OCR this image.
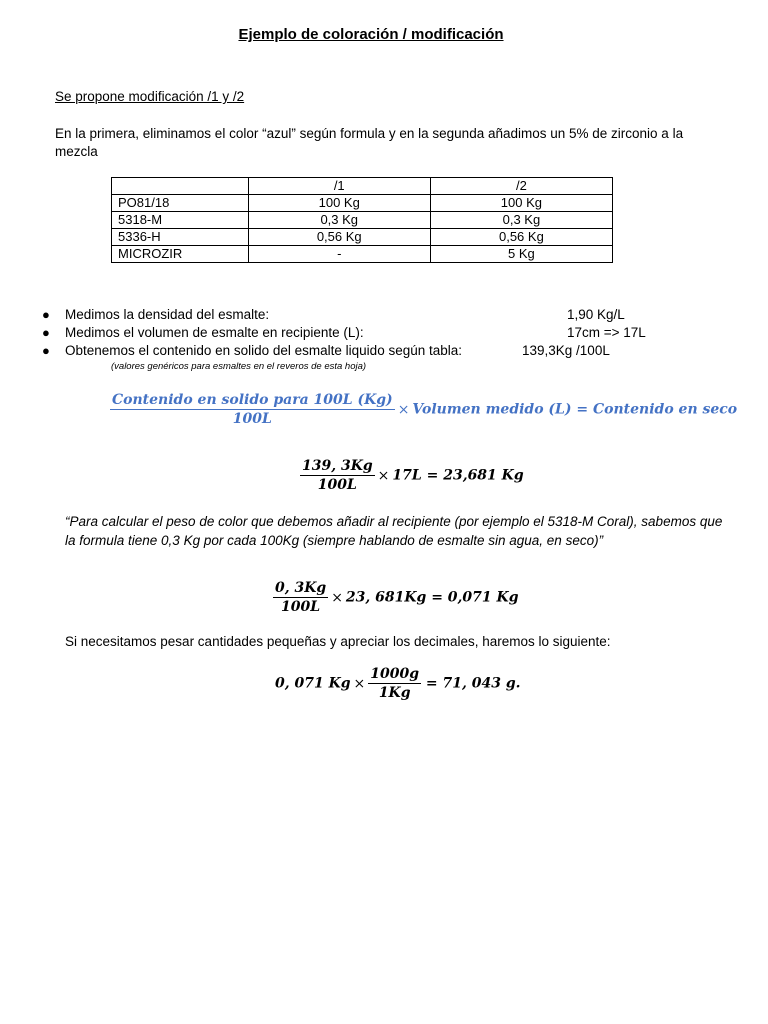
Ejemplo de coloración / modificación
Se propone modificación /1 y /2
En la primera, eliminamos el color “azul” según formula y en la segunda añadimos un 5% de zirconio a la mezcla
	/1	/2
PO81/18	100 Kg	100 Kg
5318-M	0,3 Kg	0,3 Kg
5336-H	0,56 Kg	0,56 Kg
MICROZIR	-	5 Kg
● Medimos la densidad del esmalte:	1,90 Kg/L
● Medimos el volumen de esmalte en recipiente (L):	17cm => 17L
● Obtenemos el contenido en solido del esmalte liquido según tabla:	139,3Kg /100L
(valores genéricos para esmaltes en el reveros de esta hoja)
$\frac{\text{Contenido en solido para 100L (Kg)}}{100L}$ × Volumen medido (L) = Contenido en seco
$\frac{139, 3Kg}{100L} \times 17L = 23,681$ Kg
“Para calcular el peso de color que debemos añadir al recipiente (por ejemplo el 5318-M Coral), sabemos que la formula tiene 0,3 Kg por cada 100Kg (siempre hablando de esmalte sin agua, en seco)”
$\frac{0, 3Kg}{100L} \times 23$, 681Kg = 0,071 Kg
Si necesitamos pesar cantidades pequeñas y apreciar los decimales, haremos lo siguiente:
0, 071 $Kg \times \frac{1000g}{1Kg} = 71$, 043 g.
